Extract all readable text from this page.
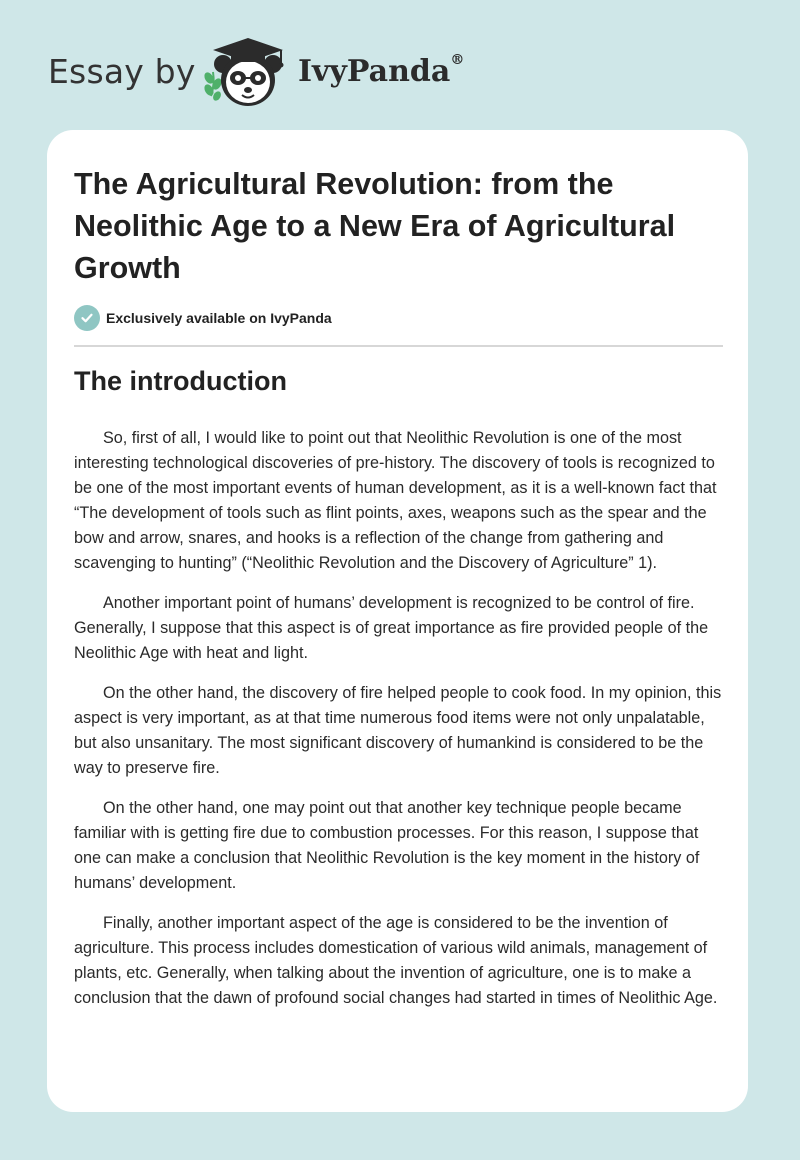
Essay by	IvyPanda®
The Agricultural Revolution: from the Neolithic Age to a New Era of Agricultural Growth
Exclusively available on IvyPanda
The introduction

So, first of all, I would like to point out that Neolithic Revolution is one of the most interesting technological discoveries of pre-history. The discovery of tools is recognized to be one of the most important events of human development, as it is a well-known fact that “The development of tools such as flint points, axes, weapons such as the spear and the bow and arrow, snares, and hooks is a reflection of the change from gathering and scavenging to hunting” (“Neolithic Revolution and the Discovery of Agriculture” 1).

Another important point of humans’ development is recognized to be control of fire. Generally, I suppose that this aspect is of great importance as fire provided people of the Neolithic Age with heat and light.

On the other hand, the discovery of fire helped people to cook food. In my opinion, this aspect is very important, as at that time numerous food items were not only unpalatable, but also unsanitary. The most significant discovery of humankind is considered to be the way to preserve fire.

On the other hand, one may point out that another key technique people became familiar with is getting fire due to combustion processes. For this reason, I suppose that one can make a conclusion that Neolithic Revolution is the key moment in the history of humans’ development.

Finally, another important aspect of the age is considered to be the invention of agriculture. This process includes domestication of various wild animals, management of plants, etc. Generally, when talking about the invention of agriculture, one is to make a conclusion that the dawn of profound social changes had started in times of Neolithic Age.
